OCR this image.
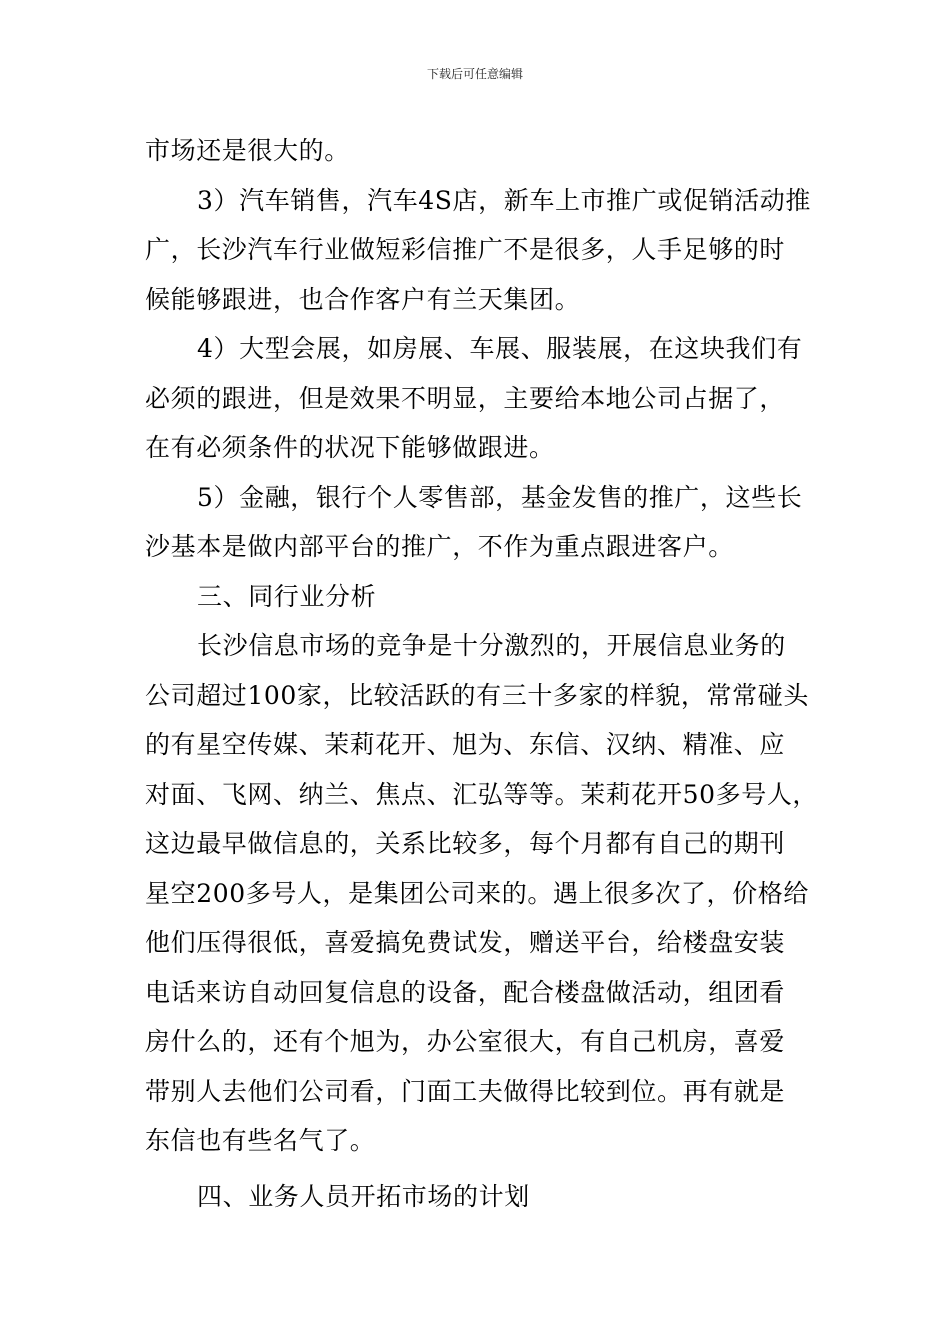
下载后可任意编辑
市场还是很大的。
3）汽车销售，汽车4S店，新车上市推广或促销活动推
广，长沙汽车行业做短彩信推广不是很多，人手足够的时
候能够跟进，也合作客户有兰天集团。
4）大型会展，如房展、车展、服装展，在这块我们有
必须的跟进，但是效果不明显，主要给本地公司占据了，
在有必须条件的状况下能够做跟进。
5）金融，银行个人零售部，基金发售的推广，这些长
沙基本是做内部平台的推广，不作为重点跟进客户。
三、同行业分析
长沙信息市场的竞争是十分激烈的，开展信息业务的
公司超过100家，比较活跃的有三十多家的样貌，常常碰头
的有星空传媒、茉莉花开、旭为、东信、汉纳、精准、应
对面、飞网、纳兰、焦点、汇弘等等。茉莉花开50多号人，
这边最早做信息的，关系比较多，每个月都有自己的期刊
星空200多号人，是集团公司来的。遇上很多次了，价格给
他们压得很低，喜爱搞免费试发，赠送平台，给楼盘安装
电话来访自动回复信息的设备，配合楼盘做活动，组团看
房什么的，还有个旭为，办公室很大，有自己机房，喜爱
带别人去他们公司看，门面工夫做得比较到位。再有就是
东信也有些名气了。
四、业务人员开拓市场的计划
